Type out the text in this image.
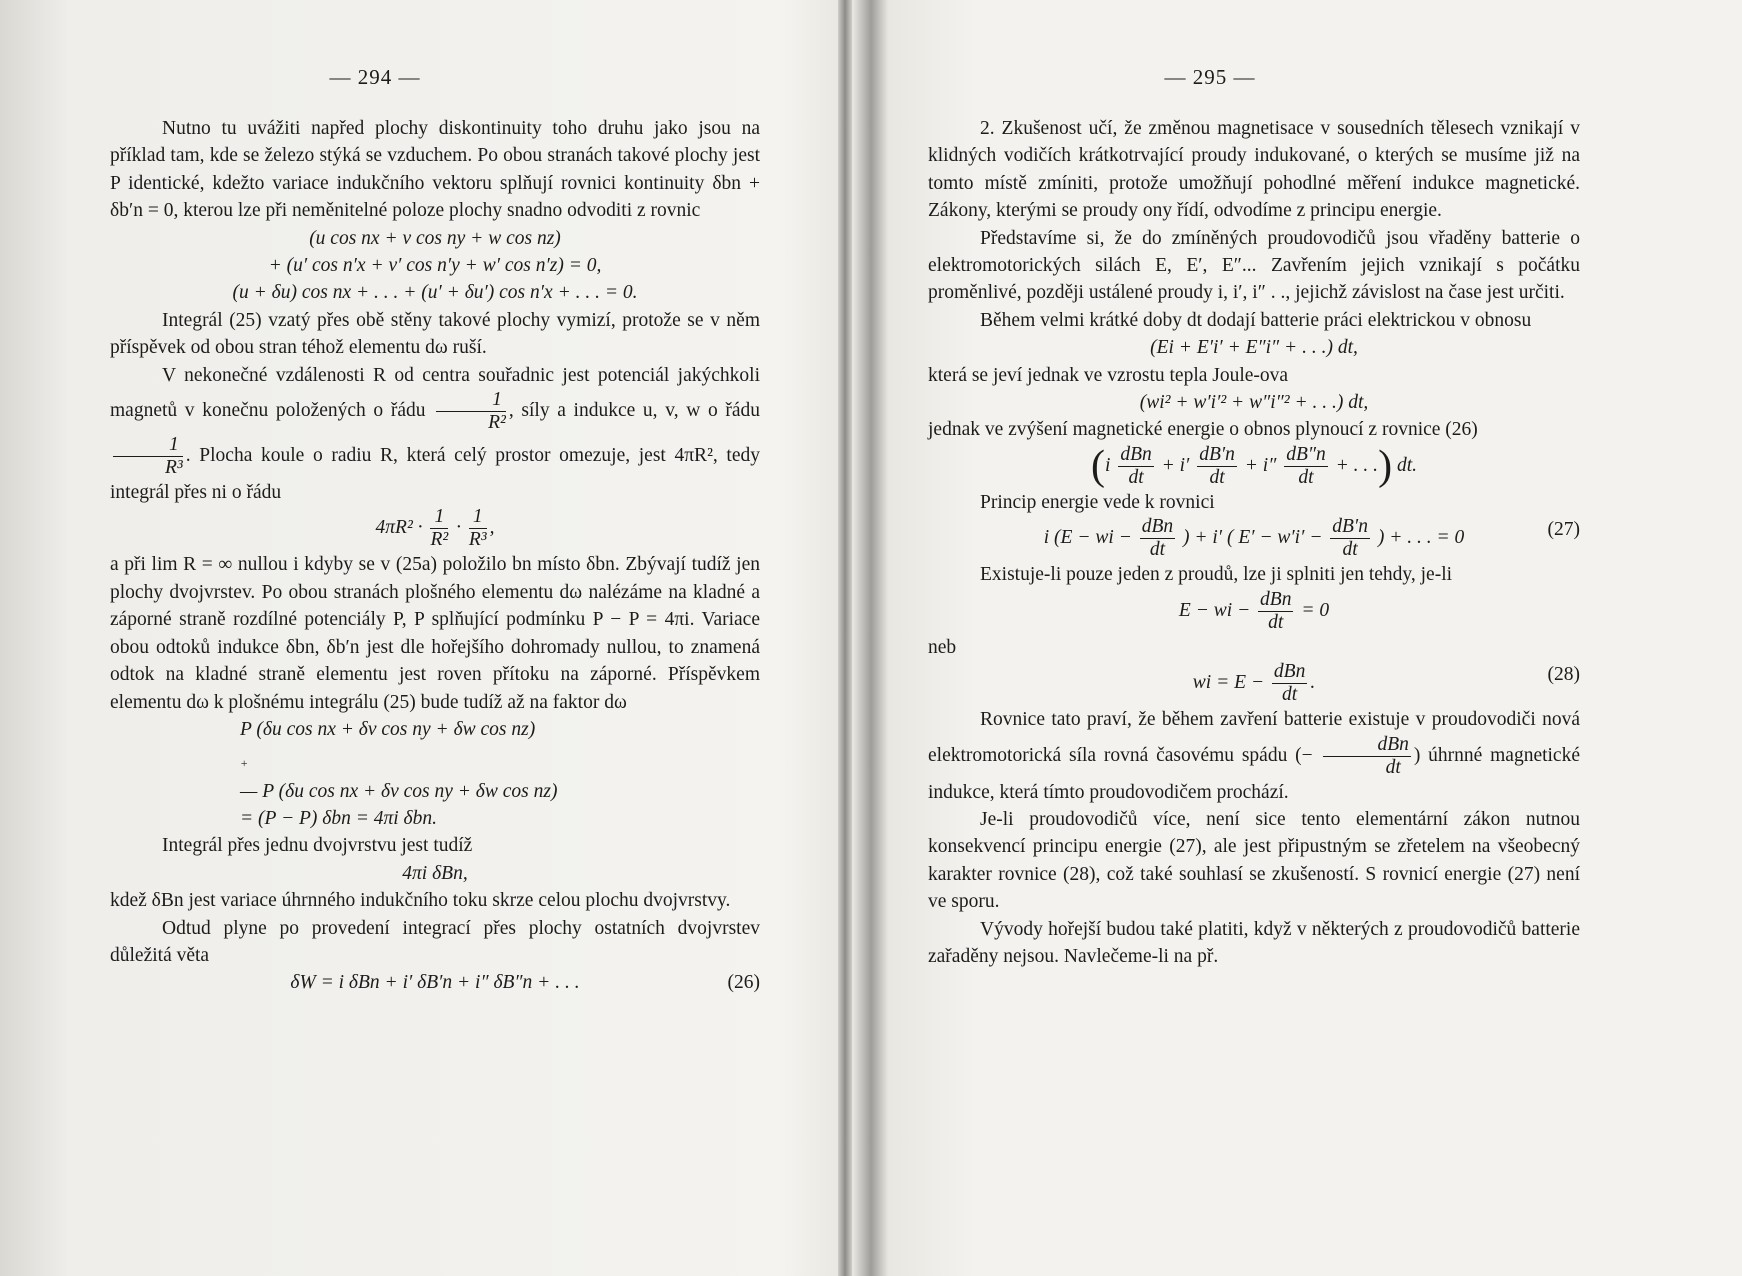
— 294 —

Nutno tu uvážiti napřed plochy diskontinuity toho druhu jako jsou na příklad tam, kde se železo stýká se vzduchem. Po obou stranách takové plochy jest P identické, kdežto variace indukčního vektoru splňují rovnici kontinuity δbn + δb′n = 0, kterou lze při neměnitelné poloze plochy snadno odvoditi z rovnic

(u cos nx + v cos ny + w cos nz)
+ (u′ cos n′x + v′ cos n′y + w′ cos n′z) = 0,
(u + δu) cos nx + . . . + (u′ + δu′) cos n′x + . . . = 0.

Integrál (25) vzatý přes obě stěny takové plochy vymizí, protože se v něm příspěvek od obou stran téhož elementu dω ruší.

V nekonečné vzdálenosti R od centra souřadnic jest potenciál jakýchkoli magnetů v konečnu položených o řádu $\frac{1}{\text{R²}}$ , síly a indukce u, v, w o řádu
$\frac{1}{\text{R³}}$ . Plocha koule o radiu R, která celý prostor omezuje, jest 4πR², tedy integrál přes ni o řádu

$4\pi R^2 \cdot \frac{1}{\text{R²}} \cdot \frac{1}{\text{R³}}$ ,

a při lim R = ∞ nullou i kdyby se v (25a) položilo bn místo δbn. Zbývají tudíž jen plochy dvojvrstev. Po obou stranách plošného elementu dω nalézáme na kladné a záporné straně rozdílné potenciály P, P splňující podmínku P − P = 4πi. Variace obou odtoků indukce δbn, δb′n jest dle hořejšího dohromady nullou, to znamená odtok na kladné straně elementu jest roven přítoku na záporné. Příspěvkem elementu dω k plošnému integrálu (25) bude tudíž až na faktor dω

P (δu cos nx + δv cos ny + δw cos nz)
+
— P (δu cos nx + δv cos ny + δw cos nz)
= (P − P) δbn = 4πi δbn.

Integrál přes jednu dvojvrstvu jest tudíž

4πi δBn,

kdež δBn jest variace úhrnného indukčního toku skrze celou plochu dvojvrstvy.

Odtud plyne po provedení integrací přes plochy ostatních dvojvrstev důležitá věta

δW = i δBn + i′ δB′n + i″ δB″n + . . .	(26)
— 295 —

2. Zkušenost učí, že změnou magnetisace v sousedních tělesech vznikají v klidných vodičích krátkotrvající proudy indukované, o kterých se musíme již na tomto místě zmíniti, protože umožňují pohodlné měření indukce magnetické. Zákony, kterými se proudy ony řídí, odvodíme z principu energie.

Představíme si, že do zmíněných proudovodičů jsou vřaděny batterie o elektromotorických silách E, E′, E″... Zavřením jejich vznikají s počátku proměnlivé, později ustálené proudy i, i′, i″ . ., jejichž závislost na čase jest určiti.

Během velmi krátké doby dt dodají batterie práci elektrickou v obnosu

(Ei + E′i′ + E″i″ + . . .) dt,

která se jeví jednak ve vzrostu tepla Joule-ova

(wi² + w′i′² + w″i″² + . . .) dt,

jednak ve zvýšení magnetické energie o obnos plynoucí z rovnice (26)

($i \frac{\text{dBn}}{dt} + i' \frac{dB'n}{dt} + i'' \frac{dB''n}{dt}$ + . . .) dt.

Princip energie vede k rovnici

i (E − wi − $\frac{\text{dBn}}{dt}$ ) + i′ ( $E' - w'i' - \frac{dB'n}{dt}$ ) + . . . = 0	(27)

Existuje-li pouze jeden z proudů, lze ji splniti jen tehdy, je-li

E − wi − $\frac{\text{dBn}}{dt} = 0$

neb

wi = $E - \frac{\text{dBn}}{dt}$ .	(28)

Rovnice tato praví, že během zavření batterie existuje v proudovodiči nová elektromotorická síla rovná časovému spádu (− $\frac{\text{dBn}}{dt}$ ) úhrnné magnetické indukce, která tímto proudovodičem prochází.

Je-li proudovodičů více, není sice tento elementární zákon nutnou konsekvencí principu energie (27), ale jest připustným se zřetelem na všeobecný karakter rovnice (28), což také souhlasí se zkušeností. S rovnicí energie (27) není ve sporu.

Vývody hořejší budou také platiti, když v některých z proudovodičů batterie zařaděny nejsou. Navlečeme-li na př.
